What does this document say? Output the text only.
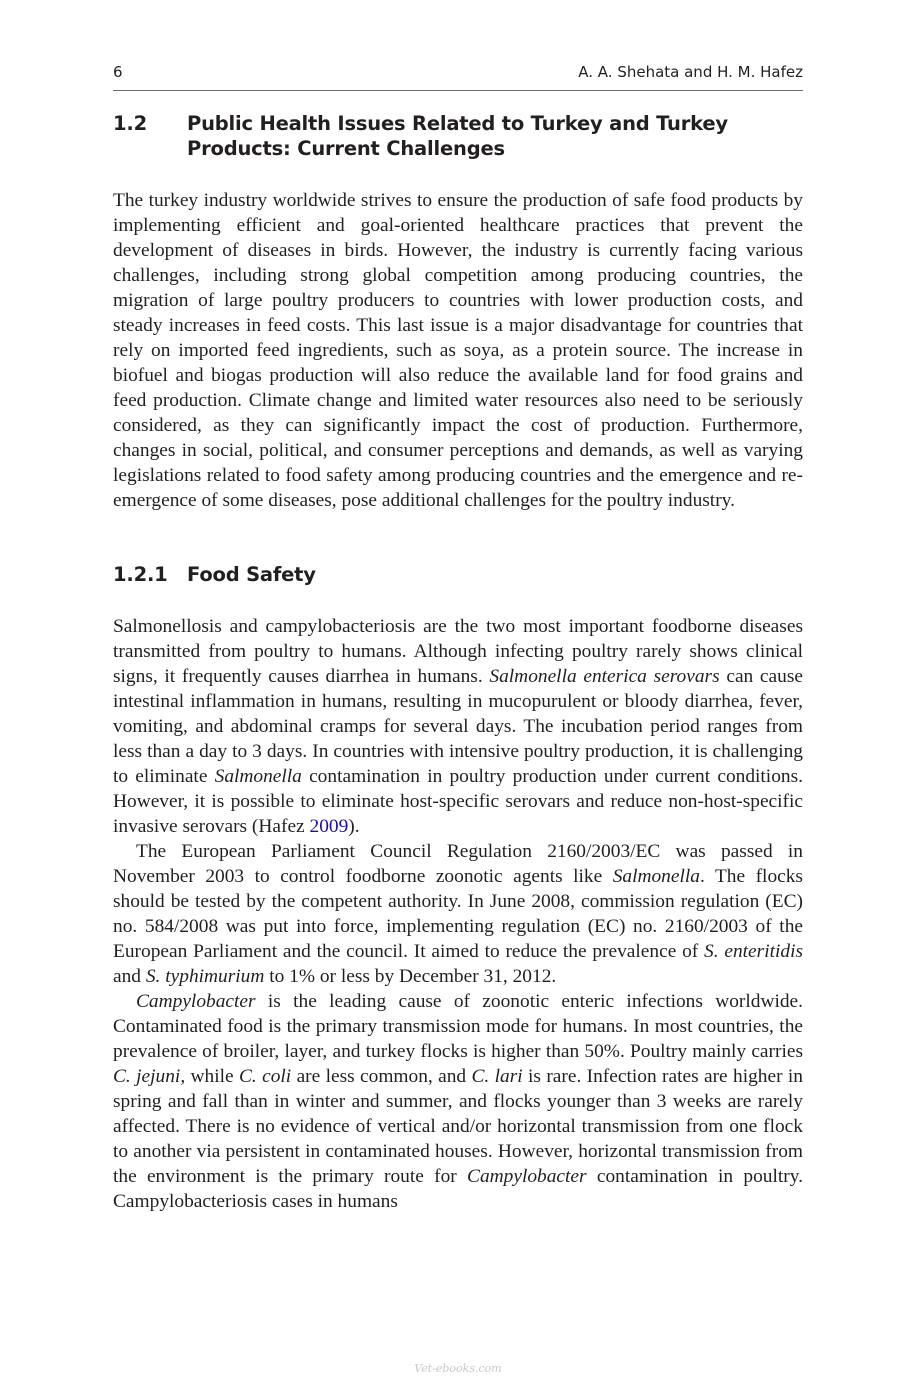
6	A. A. Shehata and H. M. Hafez
1.2	Public Health Issues Related to Turkey and Turkey
Products: Current Challenges

The turkey industry worldwide strives to ensure the production of safe food products by implementing efficient and goal-oriented healthcare practices that prevent the development of diseases in birds. However, the industry is currently facing various challenges, including strong global competition among producing countries, the migration of large poultry producers to countries with lower production costs, and steady increases in feed costs. This last issue is a major disadvantage for countries that rely on imported feed ingredients, such as soya, as a protein source. The increase in biofuel and biogas production will also reduce the available land for food grains and feed production. Climate change and limited water resources also need to be seriously considered, as they can significantly impact the cost of production. Furthermore, changes in social, political, and consumer perceptions and demands, as well as varying legislations related to food safety among producing countries and the emergence and re-emergence of some diseases, pose additional challenges for the poultry industry.

1.2.1 Food Safety

Salmonellosis and campylobacteriosis are the two most important foodborne diseases transmitted from poultry to humans. Although infecting poultry rarely shows clinical signs, it frequently causes diarrhea in humans. Salmonella enterica serovars can cause intestinal inflammation in humans, resulting in mucopurulent or bloody diarrhea, fever, vomiting, and abdominal cramps for several days. The incubation period ranges from less than a day to 3 days. In countries with intensive poultry production, it is challenging to eliminate Salmonella contamination in poultry production under current conditions. However, it is possible to eliminate host-specific serovars and reduce non-host-specific invasive serovars (Hafez 2009).

The European Parliament Council Regulation 2160/2003/EC was passed in November 2003 to control foodborne zoonotic agents like Salmonella. The flocks should be tested by the competent authority. In June 2008, commission regulation (EC) no. 584/2008 was put into force, implementing regulation (EC) no. 2160/2003 of the European Parliament and the council. It aimed to reduce the prevalence of S. enteritidis and S. typhimurium to 1% or less by December 31, 2012.

Campylobacter is the leading cause of zoonotic enteric infections worldwide. Contaminated food is the primary transmission mode for humans. In most countries, the prevalence of broiler, layer, and turkey flocks is higher than 50%. Poultry mainly carries C. jejuni, while C. coli are less common, and C. lari is rare. Infection rates are higher in spring and fall than in winter and summer, and flocks younger than 3 weeks are rarely affected. There is no evidence of vertical and/or horizontal transmission from one flock to another via persistent in contaminated houses. However, horizontal transmission from the environment is the primary route for Campylobacter contamination in poultry. Campylobacteriosis cases in humans

Vet-ebooks.com
